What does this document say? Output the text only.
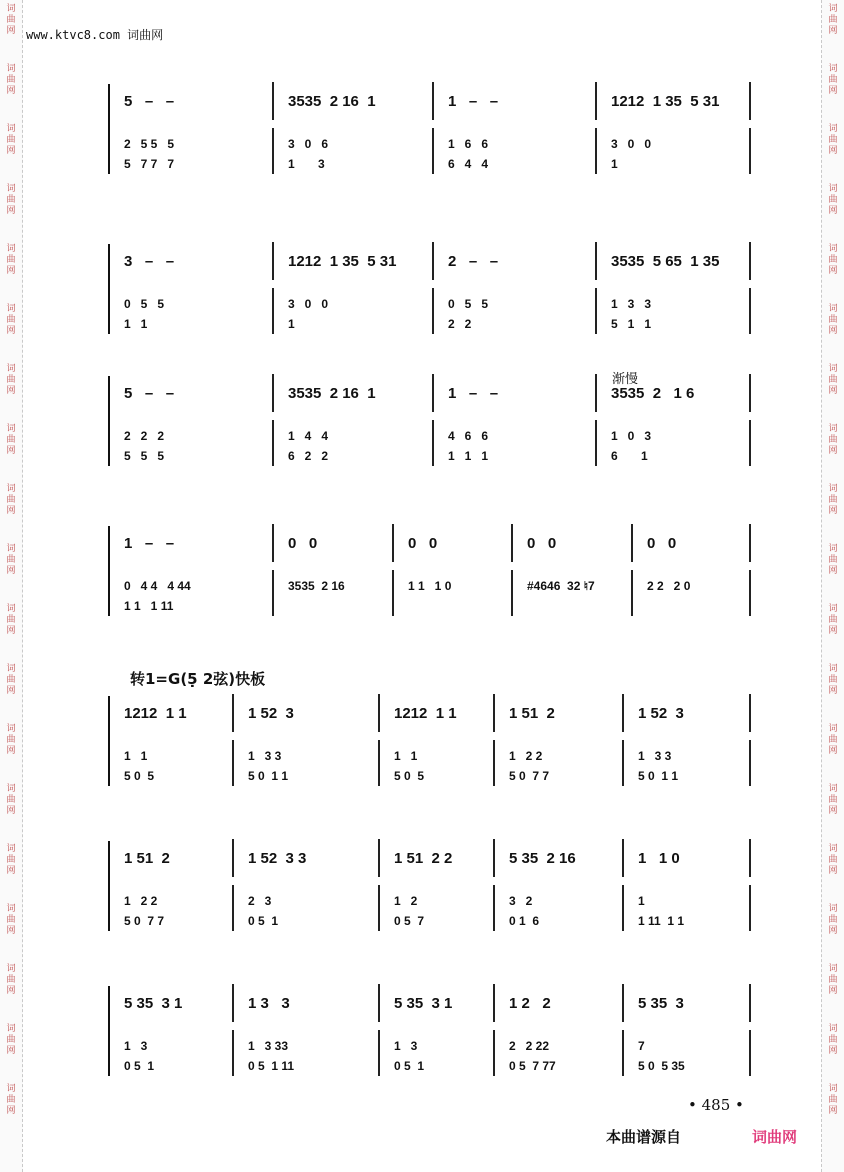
词
曲
网
词
曲
网
词
曲
网
词
曲
网
词
曲
网
词
曲
网
词
曲
网
词
曲
网
词
曲
网
词
曲
网
词
曲
网
词
曲
网
词
曲
网
词
曲
网
词
曲
网
词
曲
网
词
曲
网
词
曲
网
词
曲
网
词
曲
网
词
曲
网
词
曲
网
词
曲
网
词
曲
网
词
曲
网
词
曲
网
词
曲
网
词
曲
网
词
曲
网
词
曲
网
词
曲
网
词
曲
网
词
曲
网
词
曲
网
词
曲
网
词
曲
网
词
曲
网
词
曲
网
www.ktvc8.com 词曲网
转1=G(5̣ 2弦)快板
5   –   –
2   5 5   5
5   7 7   7
3535  2 16  1
3   0   6
1       3
1   –   –
1   6   6
6   4   4
1212  1 35  5 31
3   0   0
1
3   –   –
0   5   5
1   1
1212  1 35  5 31
3   0   0
1
2   –   –
0   5   5
2   2
3535  5 65  1 35
1   3   3
5   1   1
5   –   –
2   2   2
5   5   5
3535  2 16  1
1   4   4
6   2   2
1   –   –
4   6   6
1   1   1
3535  2   1 6
1   0   3
6       1
1   –   –
0   4 4   4 44
1 1   1 11
0   0
3535  2 16
0   0
1 1   1 0
0   0
#4646  32 ♮7
0   0
2 2   2 0
1212  1 1
1   1
5 0  5
1 52  3
1   3 3
5 0  1 1
1212  1 1
1   1
5 0  5
1 51  2
1   2 2
5 0  7 7
1 52  3
1   3 3
5 0  1 1
1 51  2
1   2 2
5 0  7 7
1 52  3 3
2   3
0 5  1
1 51  2 2
1   2
0 5  7
5 35  2 16
3   2
0 1  6
1   1 0
1
1 11  1 1
5 35  3 1
1   3
0 5  1
1 3   3
1   3 33
0 5  1 11
5 35  3 1
1   3
0 5  1
1 2   2
2   2 22
0 5  7 77
5 35  3
7
5 0  5 35
• 485 •
本曲谱源自	词曲网
渐慢
